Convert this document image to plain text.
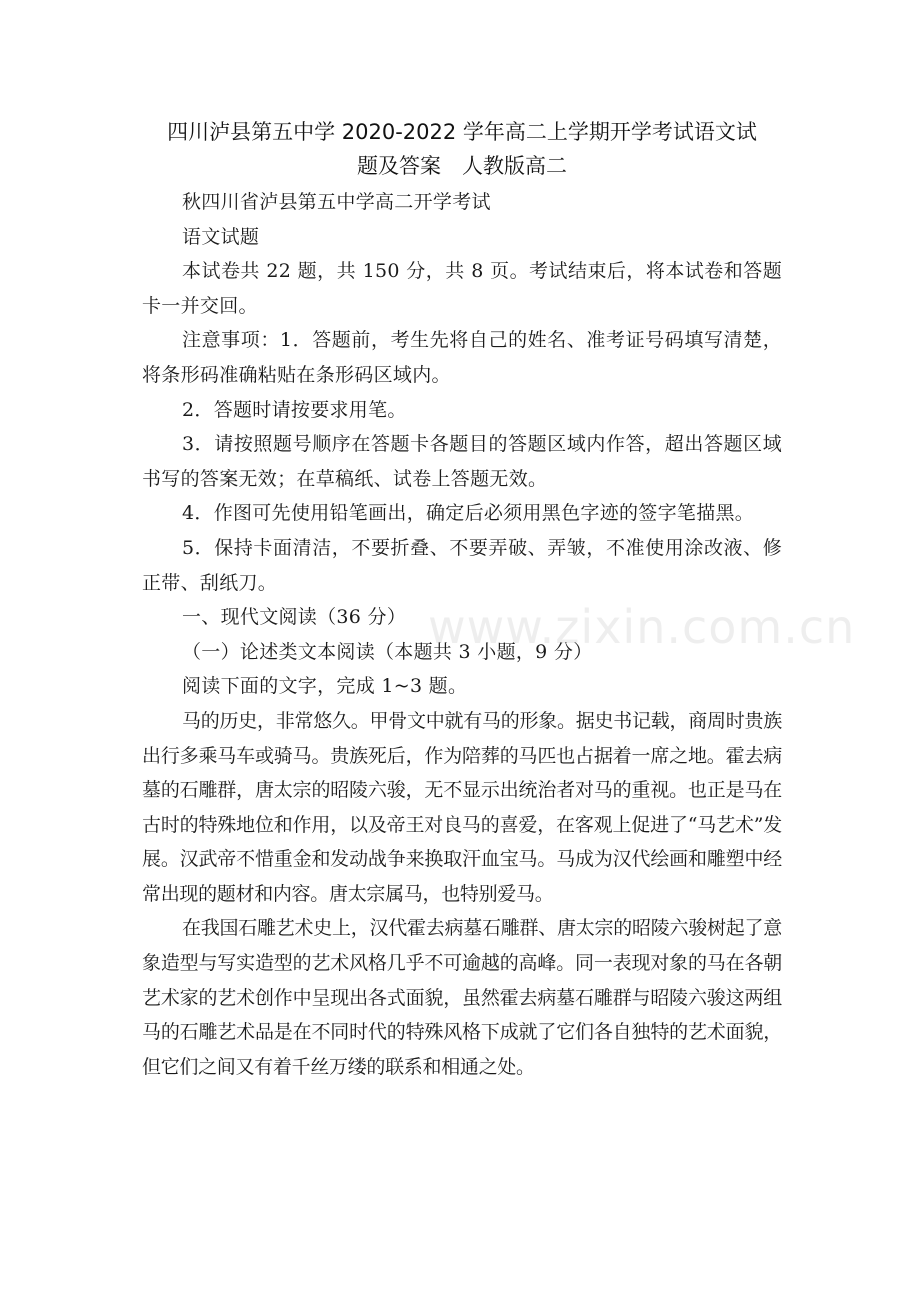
四川泸县第五中学 2020-2022 学年高二上学期开学考试语文试
题及答案　人教版高二

秋四川省泸县第五中学高二开学考试

语文试题

本试卷共 22 题，共 150 分，共 8 页。考试结束后，将本试卷和答题卡一并交回。

注意事项：1．答题前，考生先将自己的姓名、准考证号码填写清楚，将条形码准确粘贴在条形码区域内。

2．答题时请按要求用笔。

3．请按照题号顺序在答题卡各题目的答题区域内作答，超出答题区域书写的答案无效；在草稿纸、试卷上答题无效。

4．作图可先使用铅笔画出，确定后必须用黑色字迹的签字笔描黑。

5．保持卡面清洁，不要折叠、不要弄破、弄皱，不准使用涂改液、修正带、刮纸刀。

一、现代文阅读（36 分）

（一）论述类文本阅读（本题共 3 小题，9 分）

阅读下面的文字，完成 1~3 题。

马的历史，非常悠久。甲骨文中就有马的形象。据史书记载，商周时贵族出行多乘马车或骑马。贵族死后，作为陪葬的马匹也占据着一席之地。霍去病墓的石雕群，唐太宗的昭陵六骏，无不显示出统治者对马的重视。也正是马在古时的特殊地位和作用，以及帝王对良马的喜爱，在客观上促进了“马艺术”发展。汉武帝不惜重金和发动战争来换取汗血宝马。马成为汉代绘画和雕塑中经常出现的题材和内容。唐太宗属马，也特别爱马。

在我国石雕艺术史上，汉代霍去病墓石雕群、唐太宗的昭陵六骏树起了意象造型与写实造型的艺术风格几乎不可逾越的高峰。同一表现对象的马在各朝艺术家的艺术创作中呈现出各式面貌，虽然霍去病墓石雕群与昭陵六骏这两组马的石雕艺术品是在不同时代的特殊风格下成就了它们各自独特的艺术面貌，但它们之间又有着千丝万缕的联系和相通之处。

www.zixin.com.cn
